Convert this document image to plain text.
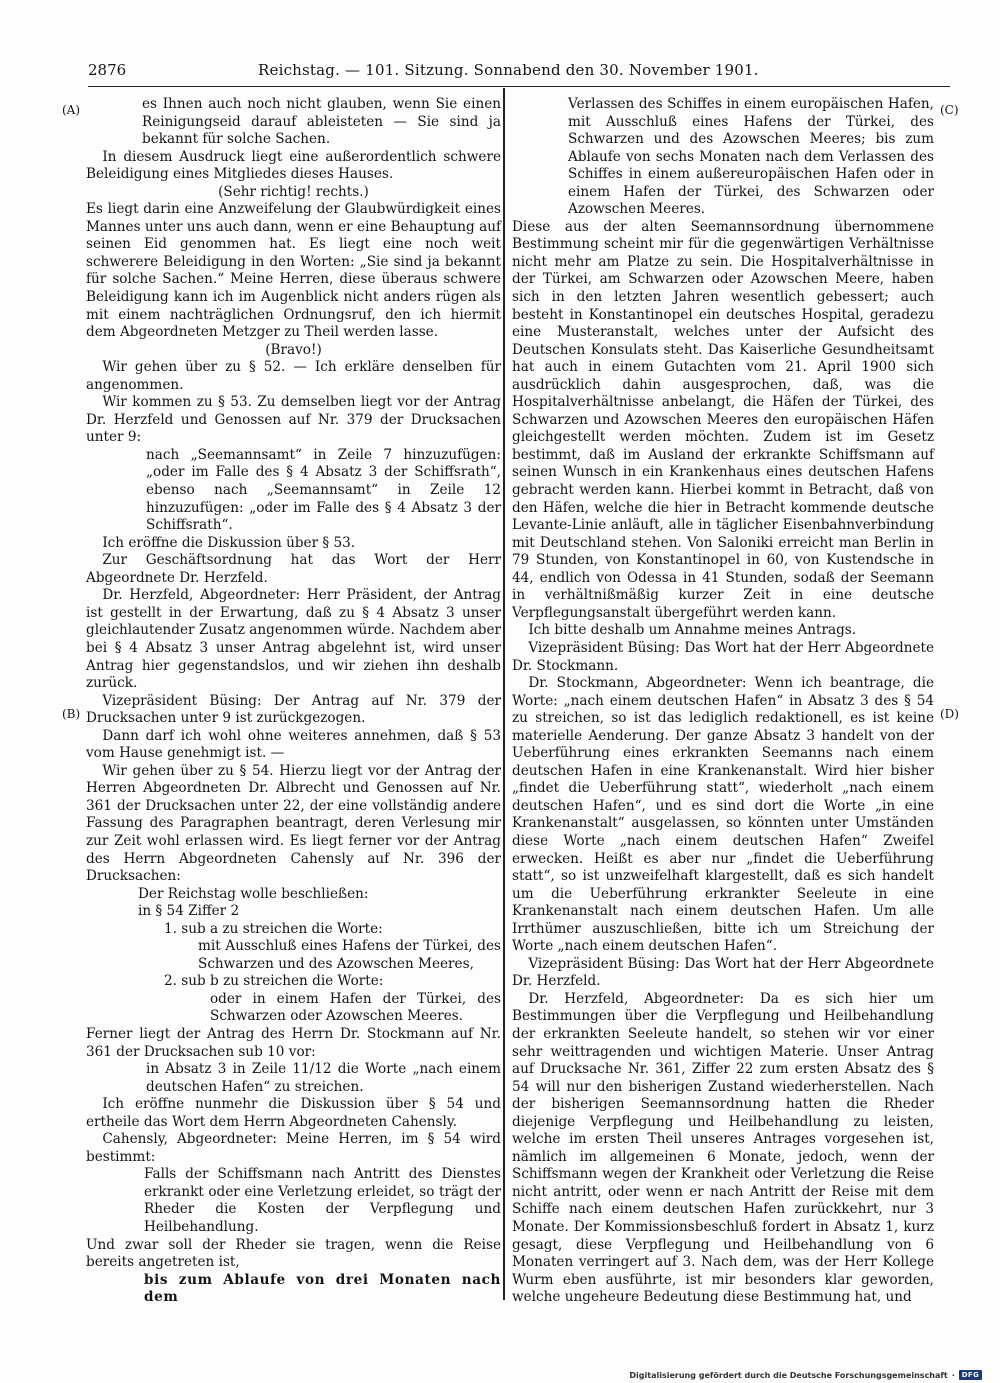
2876	Reichstag. — 101. Sitzung. Sonnabend den 30. November 1901.
(A)
(B)
(C)
(D)

es Ihnen auch noch nicht glauben, wenn Sie einen Reinigungseid darauf ableisteten — Sie sind ja bekannt für solche Sachen.

In diesem Ausdruck liegt eine außerordentlich schwere Beleidigung eines Mitgliedes dieses Hauses.

(Sehr richtig! rechts.)

Es liegt darin eine Anzweifelung der Glaubwürdigkeit eines Mannes unter uns auch dann, wenn er eine Behauptung auf seinen Eid genommen hat. Es liegt eine noch weit schwerere Beleidigung in den Worten: „Sie sind ja bekannt für solche Sachen.“ Meine Herren, diese überaus schwere Beleidigung kann ich im Augenblick nicht anders rügen als mit einem nachträglichen Ordnungsruf, den ich hiermit dem Abgeordneten Metzger zu Theil werden lasse.

(Bravo!)

Wir gehen über zu § 52. — Ich erkläre denselben für angenommen.

Wir kommen zu § 53. Zu demselben liegt vor der Antrag Dr. Herzfeld und Genossen auf Nr. 379 der Drucksachen unter 9:

nach „Seemannsamt“ in Zeile 7 hinzuzufügen: „oder im Falle des § 4 Absatz 3 der Schiffsrath“, ebenso nach „Seemannsamt“ in Zeile 12 hinzuzufügen: „oder im Falle des § 4 Absatz 3 der Schiffsrath“.

Ich eröffne die Diskussion über § 53.

Zur Geschäftsordnung hat das Wort der Herr Abgeordnete Dr. Herzfeld.

Dr. Herzfeld, Abgeordneter: Herr Präsident, der Antrag ist gestellt in der Erwartung, daß zu § 4 Absatz 3 unser gleichlautender Zusatz angenommen würde. Nachdem aber bei § 4 Absatz 3 unser Antrag abgelehnt ist, wird unser Antrag hier gegenstandslos, und wir ziehen ihn deshalb zurück.

Vizepräsident Büsing: Der Antrag auf Nr. 379 der Drucksachen unter 9 ist zurückgezogen.

Dann darf ich wohl ohne weiteres annehmen, daß § 53 vom Hause genehmigt ist. —

Wir gehen über zu § 54. Hierzu liegt vor der Antrag der Herren Abgeordneten Dr. Albrecht und Genossen auf Nr. 361 der Drucksachen unter 22, der eine vollständig andere Fassung des Paragraphen beantragt, deren Verlesung mir zur Zeit wohl erlassen wird. Es liegt ferner vor der Antrag des Herrn Abgeordneten Cahensly auf Nr. 396 der Drucksachen:

Der Reichstag wolle beschließen:

in § 54 Ziffer 2

1. sub a zu streichen die Worte:

mit Ausschluß eines Hafens der Türkei, des Schwarzen und des Azowschen Meeres,

2. sub b zu streichen die Worte:

oder in einem Hafen der Türkei, des Schwarzen oder Azowschen Meeres.

Ferner liegt der Antrag des Herrn Dr. Stockmann auf Nr. 361 der Drucksachen sub 10 vor:

in Absatz 3 in Zeile 11/12 die Worte „nach einem deutschen Hafen“ zu streichen.

Ich eröffne nunmehr die Diskussion über § 54 und ertheile das Wort dem Herrn Abgeordneten Cahensly.

Cahensly, Abgeordneter: Meine Herren, im § 54 wird bestimmt:

Falls der Schiffsmann nach Antritt des Dienstes erkrankt oder eine Verletzung erleidet, so trägt der Rheder die Kosten der Verpflegung und Heilbehandlung.

Und zwar soll der Rheder sie tragen, wenn die Reise bereits angetreten ist,

bis zum Ablaufe von drei Monaten nach dem

Verlassen des Schiffes in einem europäischen Hafen, mit Ausschluß eines Hafens der Türkei, des Schwarzen und des Azowschen Meeres; bis zum Ablaufe von sechs Monaten nach dem Verlassen des Schiffes in einem außereuropäischen Hafen oder in einem Hafen der Türkei, des Schwarzen oder Azowschen Meeres.

Diese aus der alten Seemannsordnung übernommene Bestimmung scheint mir für die gegenwärtigen Verhältnisse nicht mehr am Platze zu sein. Die Hospitalverhältnisse in der Türkei, am Schwarzen oder Azowschen Meere, haben sich in den letzten Jahren wesentlich gebessert; auch besteht in Konstantinopel ein deutsches Hospital, geradezu eine Musteranstalt, welches unter der Aufsicht des Deutschen Konsulats steht. Das Kaiserliche Gesundheitsamt hat auch in einem Gutachten vom 21. April 1900 sich ausdrücklich dahin ausgesprochen, daß, was die Hospitalverhältnisse anbelangt, die Häfen der Türkei, des Schwarzen und Azowschen Meeres den europäischen Häfen gleichgestellt werden möchten. Zudem ist im Gesetz bestimmt, daß im Ausland der erkrankte Schiffsmann auf seinen Wunsch in ein Krankenhaus eines deutschen Hafens gebracht werden kann. Hierbei kommt in Betracht, daß von den Häfen, welche die hier in Betracht kommende deutsche Levante-Linie anläuft, alle in täglicher Eisenbahnverbindung mit Deutschland stehen. Von Saloniki erreicht man Berlin in 79 Stunden, von Konstantinopel in 60, von Kustendsche in 44, endlich von Odessa in 41 Stunden, sodaß der Seemann in verhältnißmäßig kurzer Zeit in eine deutsche Verpflegungsanstalt übergeführt werden kann.

Ich bitte deshalb um Annahme meines Antrags.

Vizepräsident Büsing: Das Wort hat der Herr Abgeordnete Dr. Stockmann.

Dr. Stockmann, Abgeordneter: Wenn ich beantrage, die Worte: „nach einem deutschen Hafen“ in Absatz 3 des § 54 zu streichen, so ist das lediglich redaktionell, es ist keine materielle Aenderung. Der ganze Absatz 3 handelt von der Ueberführung eines erkrankten Seemanns nach einem deutschen Hafen in eine Krankenanstalt. Wird hier bisher „findet die Ueberführung statt“, wiederholt „nach einem deutschen Hafen“, und es sind dort die Worte „in eine Krankenanstalt“ ausgelassen, so könnten unter Umständen diese Worte „nach einem deutschen Hafen“ Zweifel erwecken. Heißt es aber nur „findet die Ueberführung statt“, so ist unzweifelhaft klargestellt, daß es sich handelt um die Ueberführung erkrankter Seeleute in eine Krankenanstalt nach einem deutschen Hafen. Um alle Irrthümer auszuschließen, bitte ich um Streichung der Worte „nach einem deutschen Hafen“.

Vizepräsident Büsing: Das Wort hat der Herr Abgeordnete Dr. Herzfeld.

Dr. Herzfeld, Abgeordneter: Da es sich hier um Bestimmungen über die Verpflegung und Heilbehandlung der erkrankten Seeleute handelt, so stehen wir vor einer sehr weittragenden und wichtigen Materie. Unser Antrag auf Drucksache Nr. 361, Ziffer 22 zum ersten Absatz des § 54 will nur den bisherigen Zustand wiederherstellen. Nach der bisherigen Seemannsordnung hatten die Rheder diejenige Verpflegung und Heilbehandlung zu leisten, welche im ersten Theil unseres Antrages vorgesehen ist, nämlich im allgemeinen 6 Monate, jedoch, wenn der Schiffsmann wegen der Krankheit oder Verletzung die Reise nicht antritt, oder wenn er nach Antritt der Reise mit dem Schiffe nach einem deutschen Hafen zurückkehrt, nur 3 Monate. Der Kommissionsbeschluß fordert in Absatz 1, kurz gesagt, diese Verpflegung und Heilbehandlung von 6 Monaten verringert auf 3. Nach dem, was der Herr Kollege Wurm eben ausführte, ist mir besonders klar geworden, welche ungeheure Bedeutung diese Bestimmung hat, und

Digitalisierung gefördert durch die Deutsche Forschungsgemeinschaft ·	DFG
